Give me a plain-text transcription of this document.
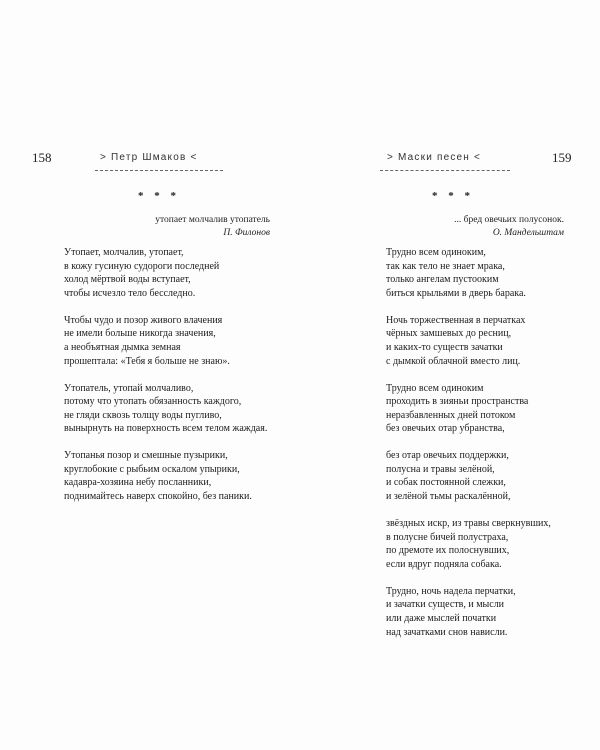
158	> Петр Шмаков <
* * *
утопает молчалив утопатель
П. Филонов
Утопает, молчалив, утопает,
в кожу гусиную судороги последней
холод мёртвой воды вступает,
чтобы исчезло тело бесследно.
Чтобы чудо и позор живого влачения
не имели больше никогда значения,
а необъятная дымка земная
прошептала: «Тебя я больше не знаю».
Утопатель, утопай молчаливо,
потому что утопать обязанность каждого,
не гляди сквозь толщу воды пугливо,
вынырнуть на поверхность всем телом жаждая.
Утопанья позор и смешные пузырики,
круглобокие с рыбьим оскалом упырики,
кадавра-хозяина небу посланники,
поднимайтесь наверх спокойно, без паники.
> Маски песен <	159
* * *
... бред овечьих полусонок.
О. Мандельштам
Трудно всем одиноким,
так как тело не знает мрака,
только ангелам пустооким
биться крыльями в дверь барака.
Ночь торжественная в перчатках
чёрных замшевых до ресниц,
и каких-то существ зачатки
с дымкой облачной вместо лиц.
Трудно всем одиноким
проходить в зияньи пространства
неразбавленных дней потоком
без овечьих отар убранства,
без отар овечьих поддержки,
полусна и травы зелёной,
и собак постоянной слежки,
и зелёной тьмы раскалённой,
звёздных искр, из травы сверкнувших,
в полусне бичей полустраха,
по дремоте их полоснувших,
если вдруг подняла собака.
Трудно, ночь надела перчатки,
и зачатки существ, и мысли
или даже мыслей початки
над зачатками снов нависли.
